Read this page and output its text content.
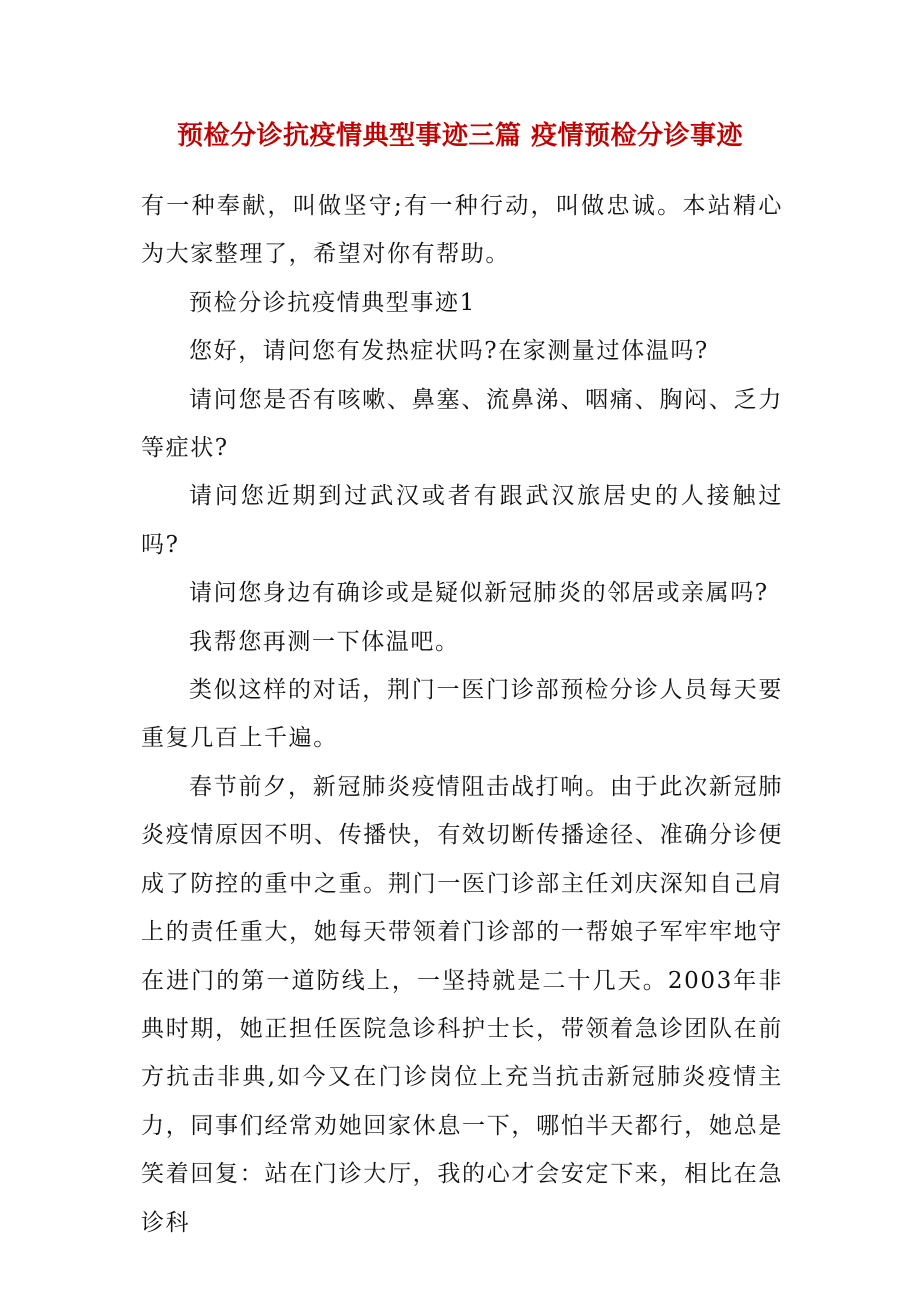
预检分诊抗疫情典型事迹三篇 疫情预检分诊事迹

有一种奉献，叫做坚守;有一种行动，叫做忠诚。本站精心为大家整理了，希望对你有帮助。

预检分诊抗疫情典型事迹1

您好，请问您有发热症状吗?在家测量过体温吗?

请问您是否有咳嗽、鼻塞、流鼻涕、咽痛、胸闷、乏力等症状?

请问您近期到过武汉或者有跟武汉旅居史的人接触过吗?

请问您身边有确诊或是疑似新冠肺炎的邻居或亲属吗?

我帮您再测一下体温吧。

类似这样的对话，荆门一医门诊部预检分诊人员每天要重复几百上千遍。

春节前夕，新冠肺炎疫情阻击战打响。由于此次新冠肺炎疫情原因不明、传播快，有效切断传播途径、准确分诊便成了防控的重中之重。荆门一医门诊部主任刘庆深知自己肩上的责任重大，她每天带领着门诊部的一帮娘子军牢牢地守在进门的第一道防线上，一坚持就是二十几天。2003年非典时期，她正担任医院急诊科护士长，带领着急诊团队在前方抗击非典,如今又在门诊岗位上充当抗击新冠肺炎疫情主力，同事们经常劝她回家休息一下，哪怕半天都行，她总是笑着回复：站在门诊大厅，我的心才会安定下来，相比在急诊科
